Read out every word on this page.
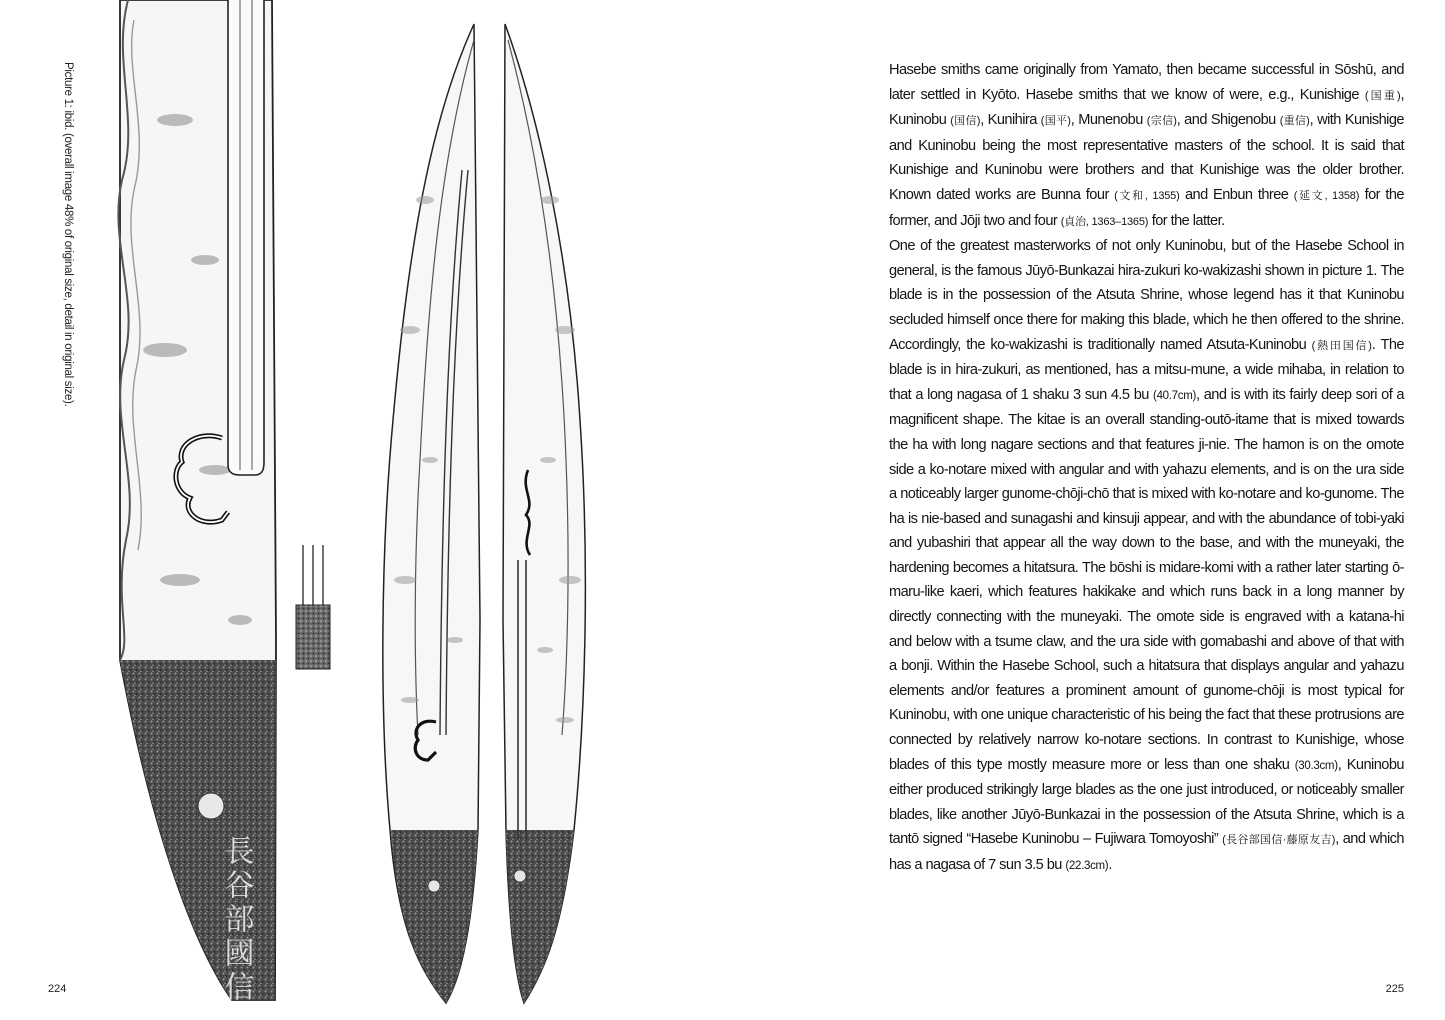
Picture 1: ibid. (overall image 48% of original size, detail in original size).
長谷部國信
224

Hasebe smiths came originally from Yamato, then became successful in Sōshū, and later settled in Kyōto. Hasebe smiths that we know of were, e.g., Kunishige (国重), Kuninobu (国信), Kunihira (国平), Munenobu (宗信), and Shigenobu (重信), with Kunishige and Kuninobu being the most representative masters of the school. It is said that Kunishige and Kuninobu were brothers and that Kunishige was the older brother. Known dated works are Bunna four (文和, 1355) and Enbun three (延文, 1358) for the former, and Jōji two and four (貞治, 1363–1365) for the latter.

One of the greatest masterworks of not only Kuninobu, but of the Hasebe School in general, is the famous Jūyō-Bunkazai hira-zukuri ko-wakizashi shown in picture 1. The blade is in the possession of the Atsuta Shrine, whose legend has it that Kuninobu secluded himself once there for making this blade, which he then offered to the shrine. Accordingly, the ko-wakizashi is traditionally named Atsuta-Kuninobu (熱田国信). The blade is in hira-zukuri, as mentioned, has a mitsu-mune, a wide mihaba, in relation to that a long nagasa of 1 shaku 3 sun 4.5 bu (40.7cm), and is with its fairly deep sori of a magnificent shape. The kitae is an overall standing-outō-itame that is mixed towards the ha with long nagare sections and that features ji-nie. The hamon is on the omote side a ko-notare mixed with angular and with yahazu elements, and is on the ura side a noticeably larger gunome-chōji-chō that is mixed with ko-notare and ko-gunome. The ha is nie-based and sunagashi and kinsuji appear, and with the abundance of tobi-yaki and yubashiri that appear all the way down to the base, and with the muneyaki, the hardening becomes a hitatsura. The bōshi is midare-komi with a rather later starting ō-maru-like kaeri, which features hakikake and which runs back in a long manner by directly connecting with the muneyaki. The omote side is engraved with a katana-hi and below with a tsume claw, and the ura side with gomabashi and above of that with a bonji. Within the Hasebe School, such a hitatsura that displays angular and yahazu elements and/or features a prominent amount of gunome-chōji is most typical for Kuninobu, with one unique characteristic of his being the fact that these protrusions are connected by relatively narrow ko-notare sections. In contrast to Kunishige, whose blades of this type mostly measure more or less than one shaku (30.3cm), Kuninobu either produced strikingly large blades as the one just introduced, or noticeably smaller blades, like another Jūyō-Bunkazai in the possession of the Atsuta Shrine, which is a tantō signed “Hasebe Kuninobu – Fujiwara Tomoyoshi” (長谷部国信·藤原友吉), and which has a nagasa of 7 sun 3.5 bu (22.3cm).

225
